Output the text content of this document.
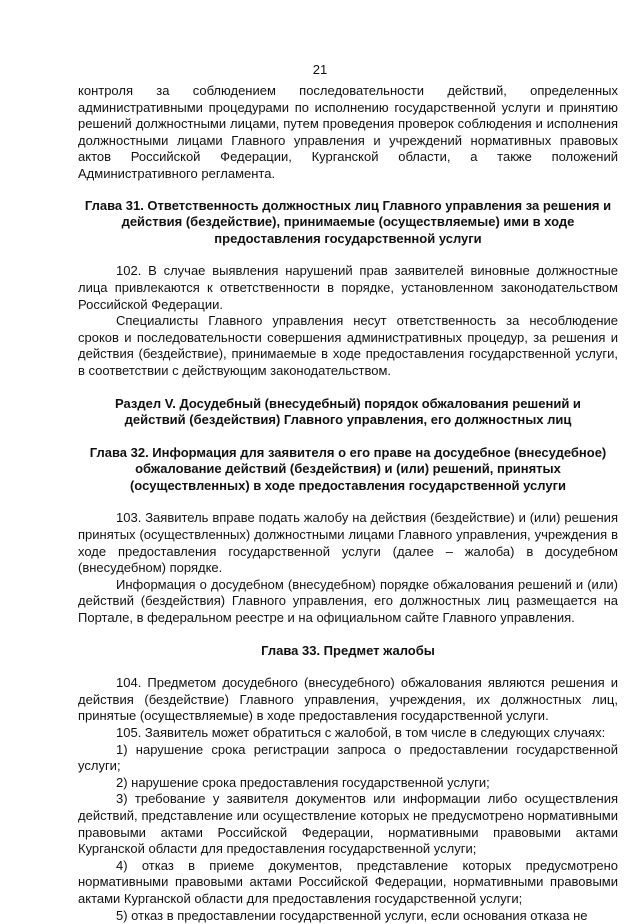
21

контроля за соблюдением последовательности действий, определенных административными процедурами по исполнению государственной услуги и принятию решений должностными лицами, путем проведения проверок соблюдения и исполнения должностными лицами Главного управления и учреждений нормативных правовых актов Российской Федерации, Курганской области, а также положений Административного регламента.

Глава 31. Ответственность должностных лиц Главного управления за решения и действия (бездействие), принимаемые (осуществляемые) ими в ходе предоставления государственной услуги

102. В случае выявления нарушений прав заявителей виновные должностные лица привлекаются к ответственности в порядке, установленном законодательством Российской Федерации.

Специалисты Главного управления несут ответственность за несоблюдение сроков и последовательности совершения административных процедур, за решения и действия (бездействие), принимаемые в ходе предоставления государственной услуги, в соответствии с действующим законодательством.

Раздел V. Досудебный (внесудебный) порядок обжалования решений и действий (бездействия) Главного управления, его должностных лиц

Глава 32. Информация для заявителя о его праве на досудебное (внесудебное) обжалование действий (бездействия) и (или) решений, принятых (осуществленных) в ходе предоставления государственной услуги

103. Заявитель вправе подать жалобу на действия (бездействие) и (или) решения принятых (осуществленных) должностными лицами Главного управления, учреждения в ходе предоставления государственной услуги (далее – жалоба) в досудебном (внесудебном) порядке.

Информация о досудебном (внесудебном) порядке обжалования решений и (или) действий (бездействия) Главного управления, его должностных лиц размещается на Портале, в федеральном реестре и на официальном сайте Главного управления.

Глава 33. Предмет жалобы

104. Предметом досудебного (внесудебного) обжалования являются решения и действия (бездействие) Главного управления, учреждения, их должностных лиц, принятые (осуществляемые) в ходе предоставления государственной услуги.

105. Заявитель может обратиться с жалобой, в том числе в следующих случаях:

1) нарушение срока регистрации запроса о предоставлении государственной услуги;

2) нарушение срока предоставления государственной услуги;

3) требование у заявителя документов или информации либо осуществления действий, представление или осуществление которых не предусмотрено нормативными правовыми актами Российской Федерации, нормативными правовыми актами Курганской области для предоставления государственной услуги;

4) отказ в приеме документов, представление которых предусмотрено нормативными правовыми актами Российской Федерации, нормативными правовыми актами Курганской области для предоставления государственной услуги;

5) отказ в предоставлении государственной услуги, если основания отказа не
